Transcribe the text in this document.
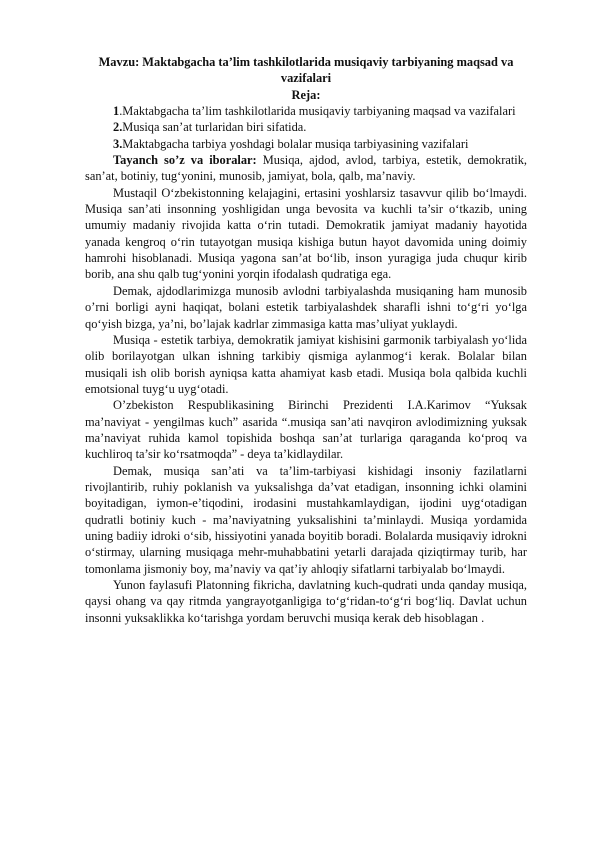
Mavzu: Maktabgacha ta’lim tashkilotlarida musiqaviy tarbiyaning maqsad va vazifalari

Reja:

1.Maktabgacha ta’lim tashkilotlarida musiqaviy tarbiyaning maqsad va vazifalari

2.Musiqa san’at turlaridan biri sifatida.

3.Maktabgacha tarbiya yoshdagi bolalar musiqa tarbiyasining vazifalari

Tayanch so’z va iboralar: Musiqa, ajdod, avlod, tarbiya, estetik, demokratik, san’at, botiniy, tug‘yonini, munosib, jamiyat, bola, qalb, ma’naviy.

Mustaqil O‘zbekistonning kelajagini, ertasini yoshlarsiz tasavvur qilib bo‘lmaydi. Musiqa san’ati insonning yoshligidan unga bevosita va kuchli ta’sir o‘tkazib, uning umumiy madaniy rivojida katta o‘rin tutadi. Demokratik jamiyat madaniy hayotida yanada kengroq o‘rin tutayotgan musiqa kishiga butun hayot davomida uning doimiy hamrohi hisoblanadi. Musiqa yagona san’at bo‘lib, inson yuragiga juda chuqur kirib borib, ana shu qalb tug‘yonini yorqin ifodalash qudratiga ega.

Demak, ajdodlarimizga munosib avlodni tarbiyalashda musiqaning ham munosib o’rni borligi ayni haqiqat, bolani estetik tarbiyalashdek sharafli ishni to‘g‘ri yo‘lga qo‘yish bizga, ya’ni, bo’lajak kadrlar zimmasiga katta mas’uliyat yuklaydi.

Musiqa - estetik tarbiya, demokratik jamiyat kishisini garmonik tarbiyalash yo‘lida olib borilayotgan ulkan ishning tarkibiy qismiga aylanmog‘i kerak. Bolalar bilan musiqali ish olib borish ayniqsa katta ahamiyat kasb etadi. Musiqa bola qalbida kuchli emotsional tuyg‘u uyg‘otadi.

O’zbekiston Respublikasining Birinchi Prezidenti I.A.Karimov “Yuksak ma’naviyat - yengilmas kuch” asarida “.musiqa san’ati navqiron avlodimizning yuksak ma’naviyat ruhida kamol topishida boshqa san’at turlariga qaraganda ko‘proq va kuchliroq ta’sir ko‘rsatmoqda” - deya ta’kidlaydilar.

Demak, musiqa san’ati va ta’lim-tarbiyasi kishidagi insoniy fazilatlarni rivojlantirib, ruhiy poklanish va yuksalishga da’vat etadigan, insonning ichki olamini boyitadigan, iymon-e’tiqodini, irodasini mustahkamlaydigan, ijodini uyg‘otadigan qudratli botiniy kuch - ma’naviyatning yuksalishini ta’minlaydi. Musiqa yordamida uning badiiy idroki o‘sib, hissiyotini yanada boyitib boradi. Bolalarda musiqaviy idrokni o‘stirmay, ularning musiqaga mehr-muhabbatini yetarli darajada qiziqtirmay turib, har tomonlama jismoniy boy, ma’naviy va qat’iy ahloqiy sifatlarni tarbiyalab bo‘lmaydi.

Yunon faylasufi Platonning fikricha, davlatning kuch-qudrati unda qanday musiqa, qaysi ohang va qay ritmda yangrayotganligiga to‘g‘ridan-to‘g‘ri bog‘liq. Davlat uchun insonni yuksaklikka ko‘tarishga yordam beruvchi musiqa kerak deb hisoblagan .
